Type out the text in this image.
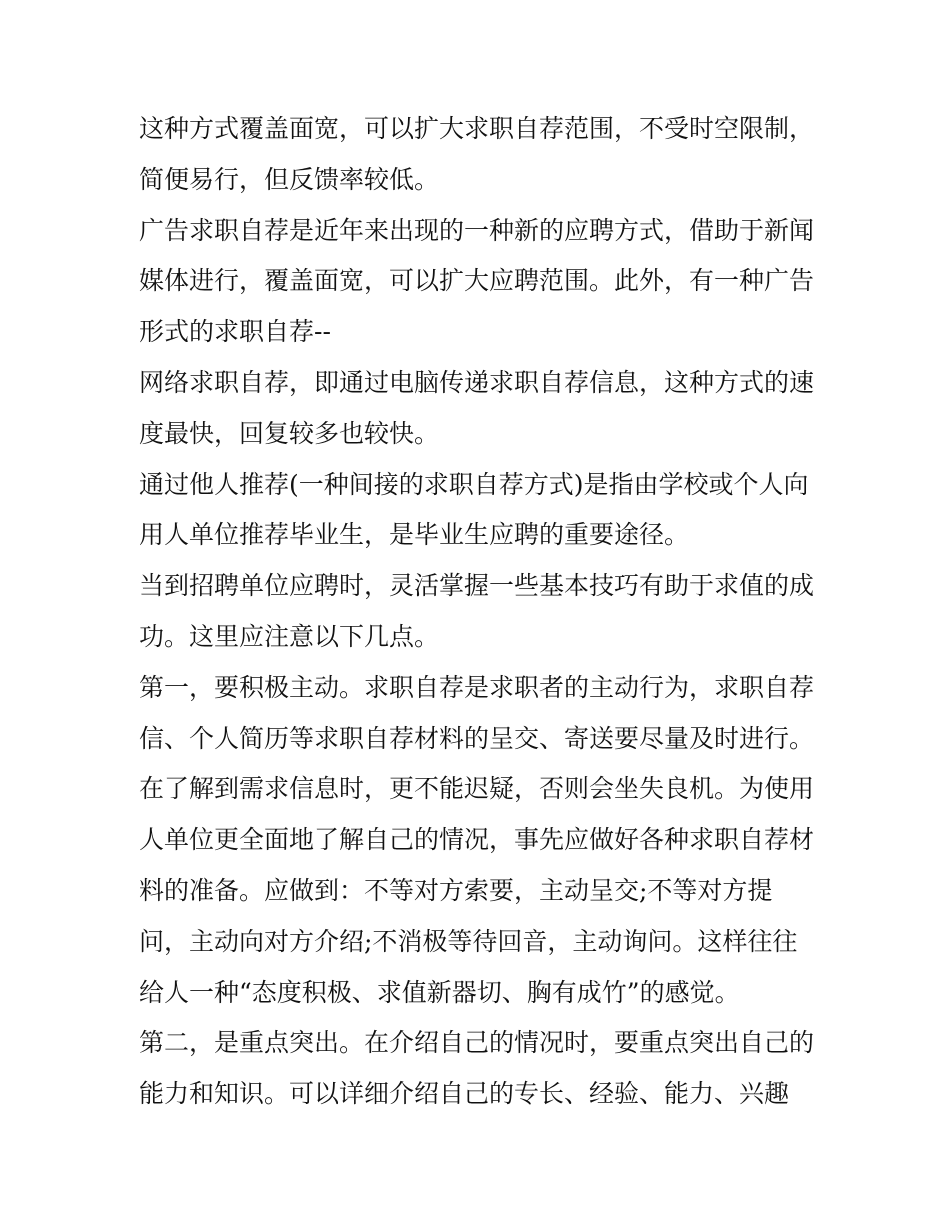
这种方式覆盖面宽，可以扩大求职自荐范围，不受时空限制，
简便易行，但反馈率较低。
广告求职自荐是近年来出现的一种新的应聘方式，借助于新闻
媒体进行，覆盖面宽，可以扩大应聘范围。此外，有一种广告
形式的求职自荐--
网络求职自荐，即通过电脑传递求职自荐信息，这种方式的速
度最快，回复较多也较快。
通过他人推荐(一种间接的求职自荐方式)是指由学校或个人向
用人单位推荐毕业生，是毕业生应聘的重要途径。
当到招聘单位应聘时，灵活掌握一些基本技巧有助于求值的成
功。这里应注意以下几点。
第一，要积极主动。求职自荐是求职者的主动行为，求职自荐
信、个人简历等求职自荐材料的呈交、寄送要尽量及时进行。
在了解到需求信息时，更不能迟疑，否则会坐失良机。为使用
人单位更全面地了解自己的情况，事先应做好各种求职自荐材
料的准备。应做到：不等对方索要，主动呈交;不等对方提
问，主动向对方介绍;不消极等待回音，主动询问。这样往往
给人一种“态度积极、求值新器切、胸有成竹”的感觉。
第二，是重点突出。在介绍自己的情况时，要重点突出自己的
能力和知识。可以详细介绍自己的专长、经验、能力、兴趣
